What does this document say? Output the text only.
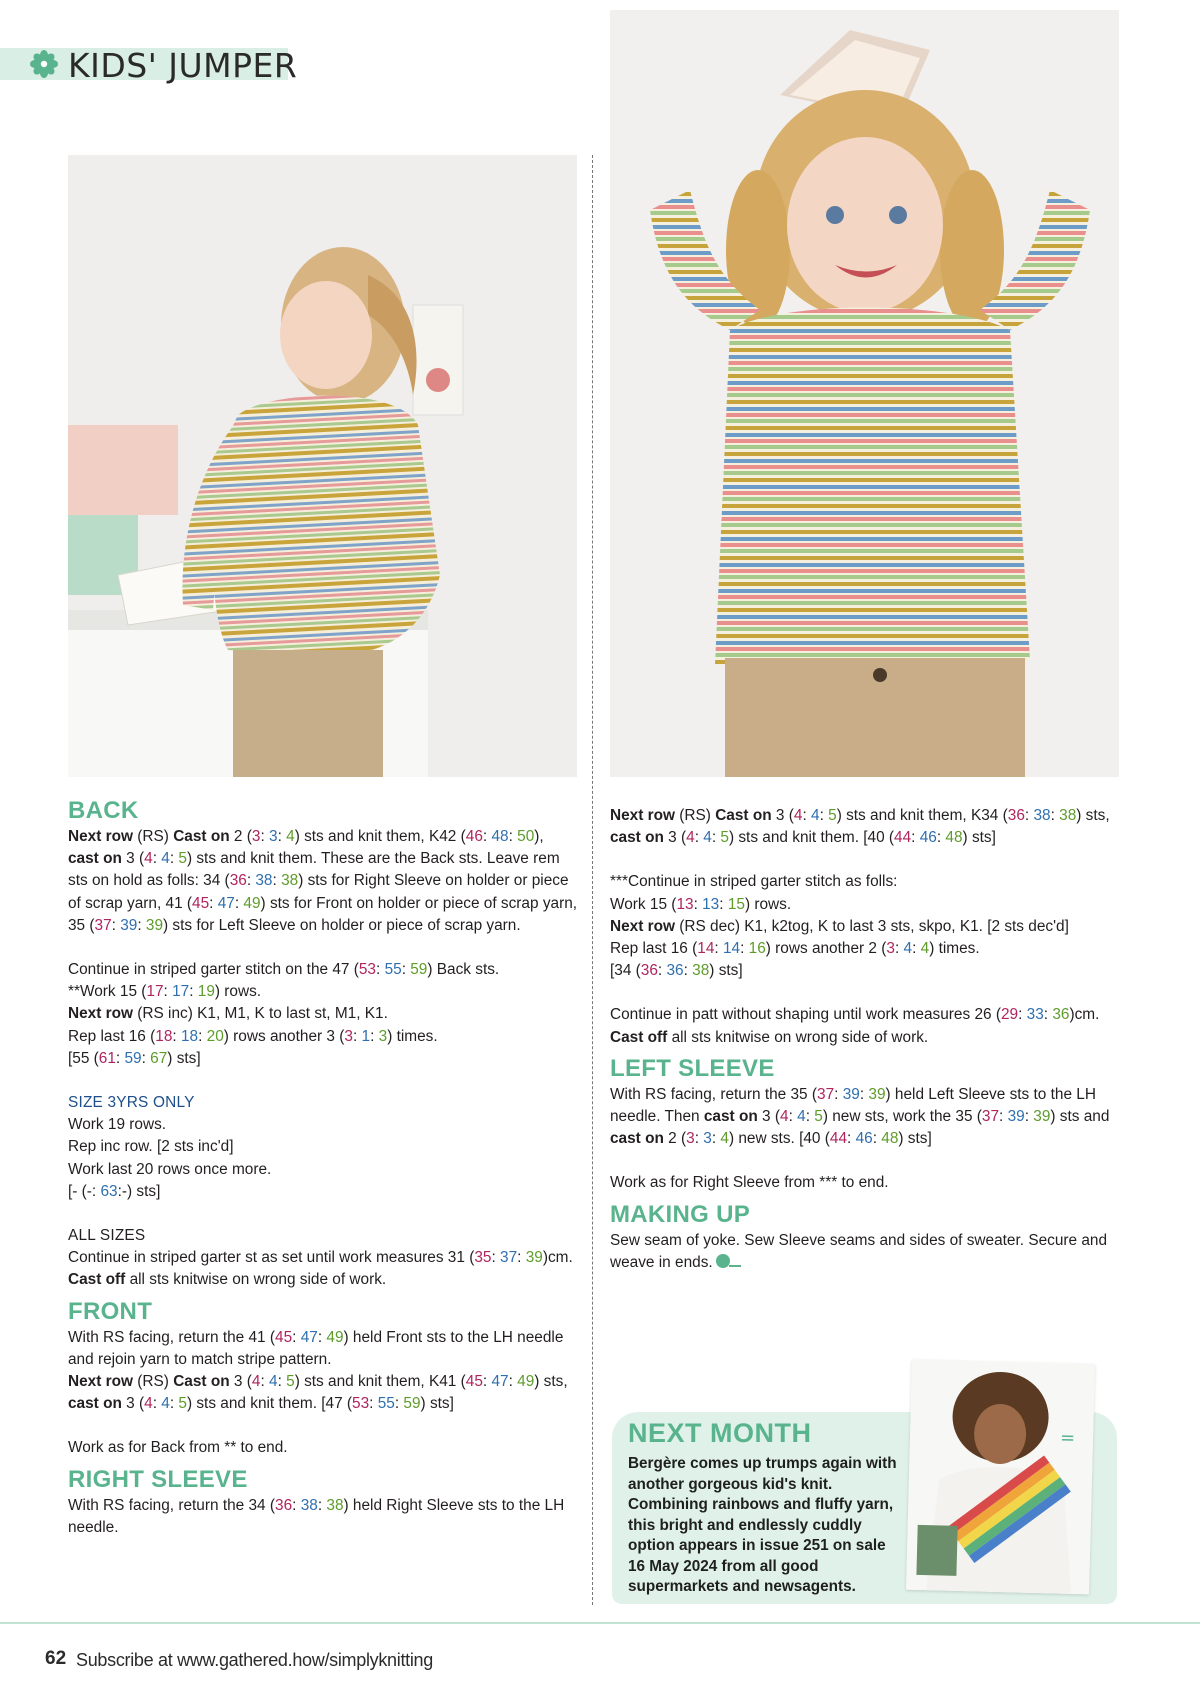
KIDS' JUMPER
BACK

Next row (RS) Cast on 2 (3: 3: 4) sts and knit them, K42 (46: 48: 50), cast on 3 (4: 4: 5) sts and knit them. These are the Back sts. Leave rem sts on hold as folls: 34 (36: 38: 38) sts for Right Sleeve on holder or piece of scrap yarn, 41 (45: 47: 49) sts for Front on holder or piece of scrap yarn, 35 (37: 39: 39) sts for Left Sleeve on holder or piece of scrap yarn.

Continue in striped garter stitch on the 47 (53: 55: 59) Back sts.

**Work 15 (17: 17: 19) rows.

Next row (RS inc) K1, M1, K to last st, M1, K1.

Rep last 16 (18: 18: 20) rows another 3 (3: 1: 3) times.

[55 (61: 59: 67) sts]

SIZE 3YRS ONLY

Work 19 rows.

Rep inc row. [2 sts inc'd]

Work last 20 rows once more.

[- (-: 63:-) sts]

ALL SIZES

Continue in striped garter st as set until work measures 31 (35: 37: 39)cm.

Cast off all sts knitwise on wrong side of work.

FRONT

With RS facing, return the 41 (45: 47: 49) held Front sts to the LH needle and rejoin yarn to match stripe pattern.

Next row (RS) Cast on 3 (4: 4: 5) sts and knit them, K41 (45: 47: 49) sts, cast on 3 (4: 4: 5) sts and knit them. [47 (53: 55: 59) sts]

Work as for Back from ** to end.

RIGHT SLEEVE

With RS facing, return the 34 (36: 38: 38) held Right Sleeve sts to the LH needle.

Next row (RS) Cast on 3 (4: 4: 5) sts and knit them, K34 (36: 38: 38) sts, cast on 3 (4: 4: 5) sts and knit them. [40 (44: 46: 48) sts]

***Continue in striped garter stitch as folls:

Work 15 (13: 13: 15) rows.

Next row (RS dec) K1, k2tog, K to last 3 sts, skpo, K1. [2 sts dec'd]

Rep last 16 (14: 14: 16) rows another 2 (3: 4: 4) times.

[34 (36: 36: 38) sts]

Continue in patt without shaping until work measures 26 (29: 33: 36)cm.

Cast off all sts knitwise on wrong side of work.

LEFT SLEEVE

With RS facing, return the 35 (37: 39: 39) held Left Sleeve sts to the LH needle. Then cast on 3 (4: 4: 5) new sts, work the 35 (37: 39: 39) sts and cast on 2 (3: 3: 4) new sts. [40 (44: 46: 48) sts]

Work as for Right Sleeve from *** to end.

MAKING UP

Sew seam of yoke. Sew Sleeve seams and sides of sweater. Secure and weave in ends.

NEXT MONTH
Bergère comes up trumps again with another gorgeous kid's knit. Combining rainbows and fluffy yarn, this bright and endlessly cuddly option appears in issue 251 on sale 16 May 2024 from all good supermarkets and newsagents.
=
62 Subscribe at www.gathered.how/simplyknitting
